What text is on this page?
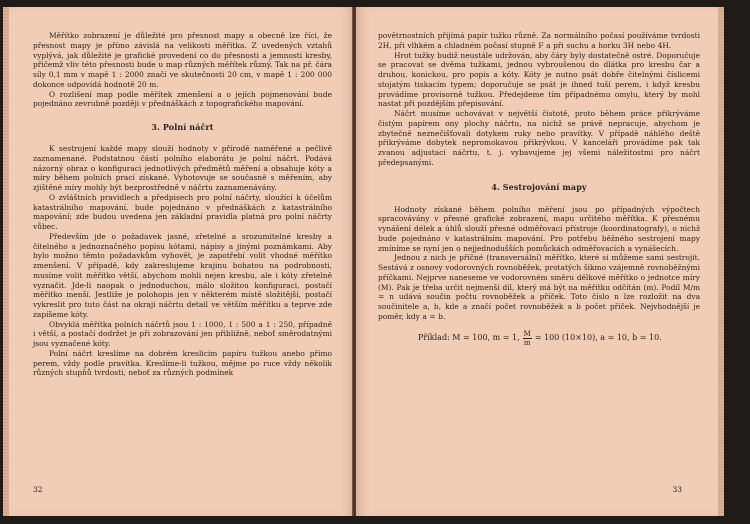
Měřítko zobrazení je důležité pro přesnost mapy a obecně lze říci, že přesnost mapy je přímo závislá na velikosti měřítka. Z uvedených vztahů vyplývá, jak důležité je grafické provedení co do přesnosti a jemnosti kresby, přičemž vliv této přesnosti bude u map různých měřítek různý. Tak na př. čára síly 0,1 mm v mapě 1 : 2000 značí ve skutečnosti 20 cm, v mapě 1 : 200 000 dokonce odpovídá hodnotě 20 m.

O rozlišení map podle měřítek zmenšení a o jejích pojmenování bude pojednáno zevrubně později v přednáškách z topografického mapování.

3. Polní náčrt

K sestrojení každé mapy slouží hodnoty v přírodě naměřené a pečlivě zaznamenané. Podstatnou částí polního elaborátu je polní náčrt. Podává názorný obraz o konfiguraci jednotlivých předmětů měření a obsahuje kóty a míry během polních prací získané. Vyhotovuje se současně s měřením, aby zjištěné míry mohly být bezprostředně v náčrtu zaznamenávány.

O zvláštních pravidlech a předpisech pro polní náčrty, sloužící k účelům katastrálního mapování, bude pojednáno v přednáškách z katastrálního mapování; zde budou uvedena jen základní pravidla platná pro polní náčrty vůbec.

Především jde o požadavek jasné, zřetelné a srozumitelné kresby a čitelného a jednoznačného popisu kótami, nápisy a jinými poznámkami. Aby bylo možno těmto požadavkům vyhovět, je zapotřebí volit vhodné měřítko zmenšení. V případě, kdy zakreslujeme krajinu bohatou na podrobnosti, musíme volit měřítko větší, abychom mohli nejen kresbu, ale i kóty zřetelně vyznačit. Jde-li naopak o jednoduchou, málo složitou konfiguraci, postačí měřítko menší. Jestliže je polohopis jen v některém místě složitější, postačí vykreslit pro tuto část na okraji náčrtu detail ve větším měřítku a teprve zde zapíšeme kóty.

Obvyklá měřítka polních náčrtů jsou 1 : 1000, 1 : 500 a 1 : 250, případně i větší, a postačí dodržet je při zobrazování jen přibližně, neboť směrodatnými jsou vyznačené kóty.

Polní náčrt kreslíme na dobrém kreslicím papíru tužkou anebo přímo perem, vždy podle pravítka. Kreslíme-li tužkou, mějme po ruce vždy několik různých stupňů tvrdosti, neboť za různých podmínek

32

povětrnostních přijímá papír tužku různě. Za normálního počasí používáme tvrdosti 2H, při vlhkém a chladném počasí stupně F a při suchu a horku 3H nebo 4H.

Hrot tužky budiž neustále udržován, aby čáry byly dostatečně ostré. Doporučuje se pracovat se dvěma tužkami, jednou vybroušenou do dlátka pro kresbu čar a druhou, konickou, pro popis a kóty. Kóty je nutno psát dobře čitelnými číslicemi stojatým tiskacím typem; doporučuje se psát je ihned tuší perem, i když kresbu provádíme provisorně tužkou. Předejdeme tím případnému omylu, který by mohl nastat při pozdějším přepisování.

Náčrt musíme uchovávat v největší čistotě, proto během práce přikrýváme čistým papírem ony plochy náčrtu, na nichž se právě nepracuje, abychom je zbytečně neznečišťovali dotykem ruky nebo pravítky. V případě náhlého deště přikrýváme dobytek nepromokavou přikrývkou. V kanceláři provádíme pak tak zvanou adjustaci náčrtu, t. j. vybavujeme jej všemi náležitostmi pro náčrt předepsanými.

4. Sestrojování mapy

Hodnoty získané během polního měření jsou po případných výpočtech spracovávány v přesné grafické zobrazení, mapu určitého měřítka. K přesnému vynášení délek a úhlů slouží přesné odměřovací přístroje (koordinatografy), o nichž bude pojednáno v katastrálním mapování. Pro potřebu běžného sestrojení mapy zmíníme se nyní jen o nejjednodušších pomůckách odměřovacích a vynášecích.

Jednou z nich je příčné (transversální) měřítko, které si můžeme sami sestrojit. Sestává z osnovy vodorovných rovnoběžek, protatých šikmo vzájemně rovnoběžnými příčkami. Nejprve naneseme ve vodorovném směru délkové měřítko o jednotce míry (M). Pak je třeba určit nejmenší díl, který má být na měřítku odčítán (m). Podíl M/m = n udává součin počtu rovnoběžek a příček. Toto číslo n lze rozložit na dva součinitele a, b, kde a značí počet rovnoběžek a b počet příček. Nejvhodnější je poměr, kdy a = b.

Příklad: M = 100, m = 1, $\frac{M}{m} = 100$ (10×10), a = 10, b = 10.
33
